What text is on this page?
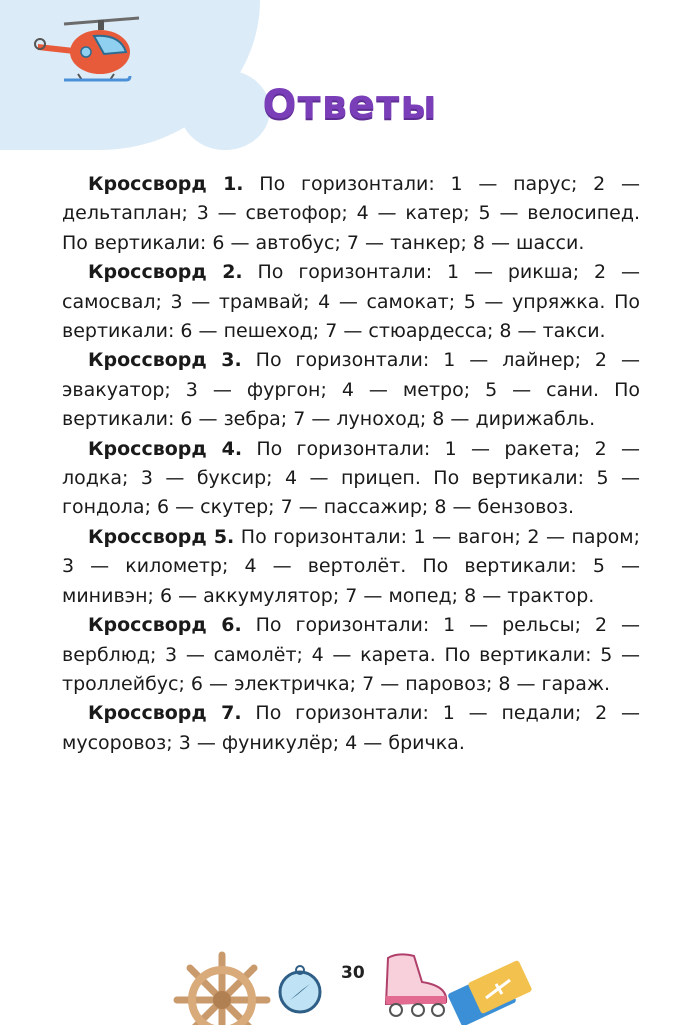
Ответы

Кроссворд 1. По горизонтали: 1 — парус; 2 — дельтаплан; 3 — светофор; 4 — катер; 5 — велосипед. По вертикали: 6 — автобус; 7 — танкер; 8 — шасси.

Кроссворд 2. По горизонтали: 1 — рикша; 2 — самосвал; 3 — трамвай; 4 — самокат; 5 — упряжка. По вертикали: 6 — пешеход; 7 — стюардесса; 8 — такси.

Кроссворд 3. По горизонтали: 1 — лайнер; 2 — эвакуатор; 3 — фургон; 4 — метро; 5 — сани. По вертикали: 6 — зебра; 7 — луноход; 8 — дирижабль.

Кроссворд 4. По горизонтали: 1 — ракета; 2 — лодка; 3 — буксир; 4 — прицеп. По вертикали: 5 — гондола; 6 — скутер; 7 — пассажир; 8 — бензовоз.

Кроссворд 5. По горизонтали: 1 — вагон; 2 — паром; 3 — километр; 4 — вертолёт. По вертикали: 5 — минивэн; 6 — аккумулятор; 7 — мопед; 8 — трактор.

Кроссворд 6. По горизонтали: 1 — рельсы; 2 — верблюд; 3 — самолёт; 4 — карета. По вертикали: 5 — троллейбус; 6 — электричка; 7 — паровоз; 8 — гараж.

Кроссворд 7. По горизонтали: 1 — педали; 2 — мусоровоз; 3 — фуникулёр; 4 — бричка.

30
